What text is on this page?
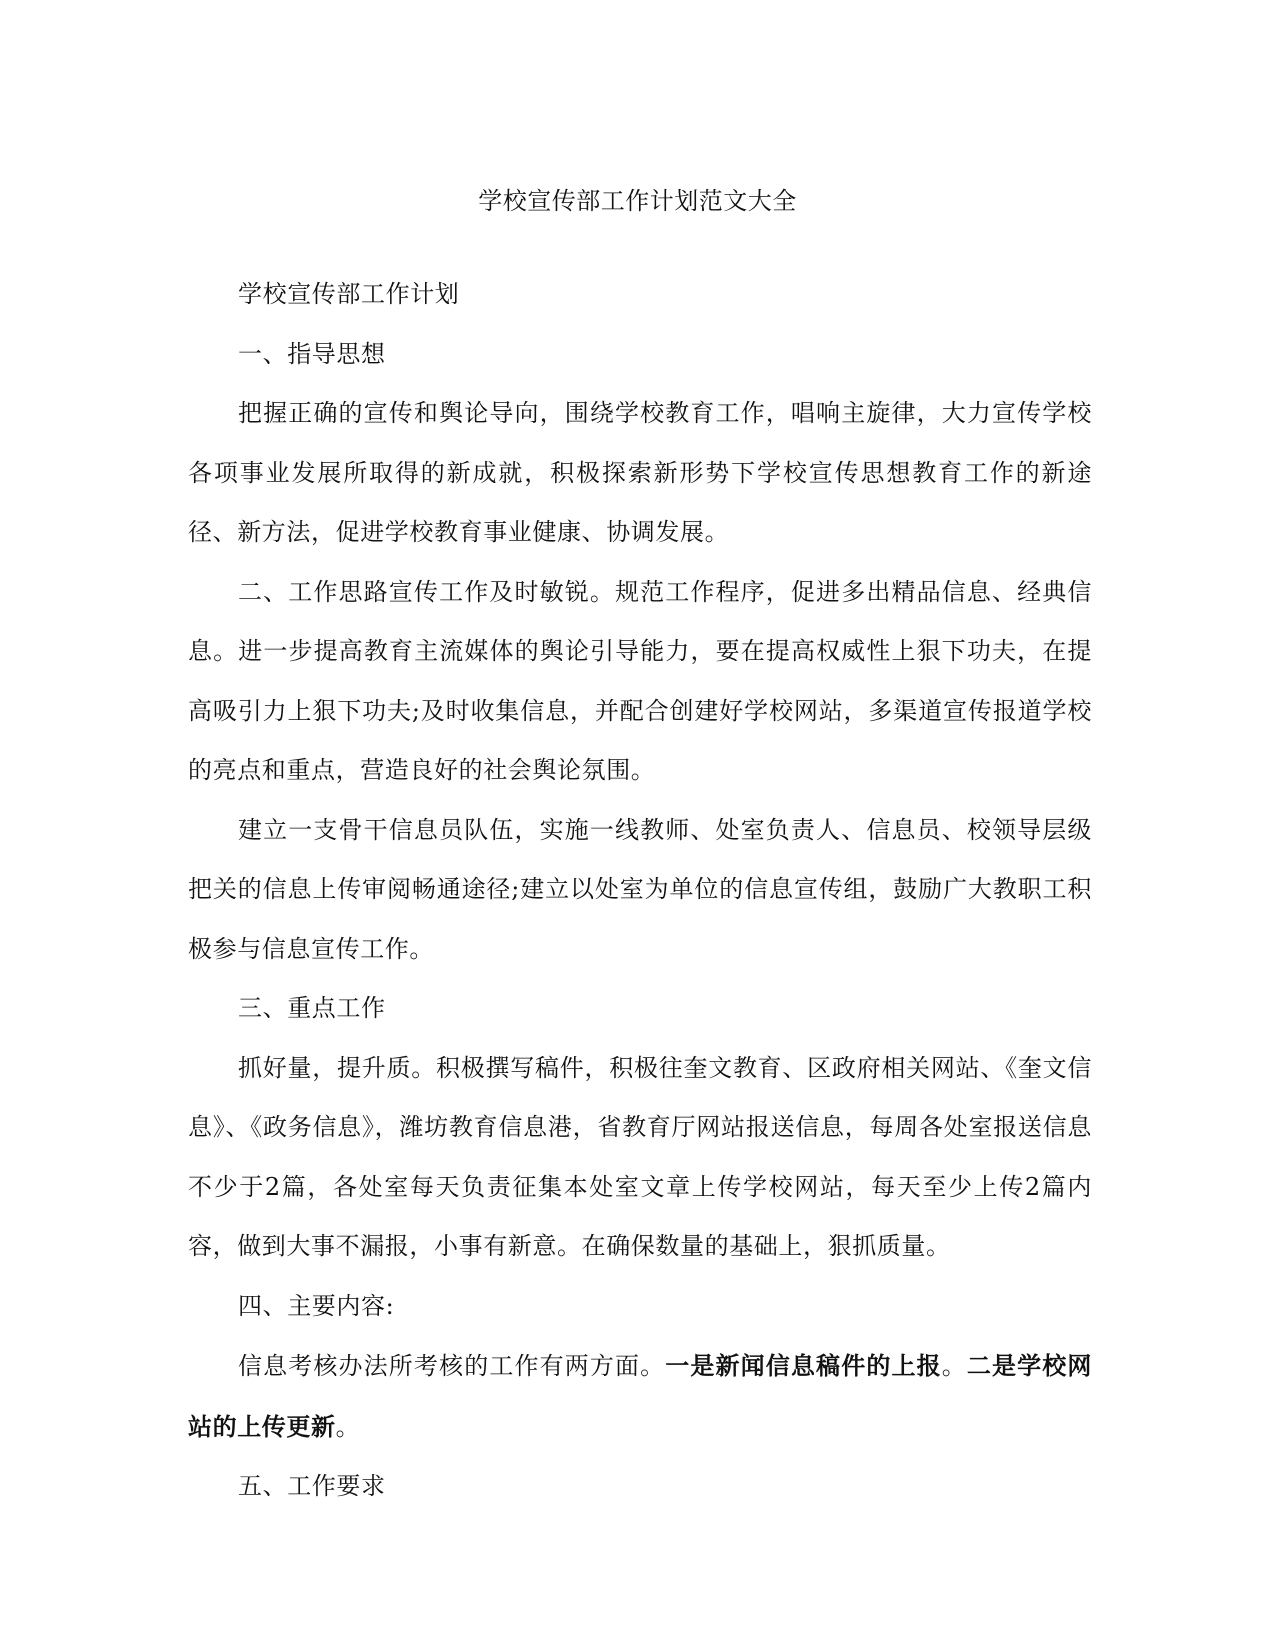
学校宣传部工作计划范文大全

学校宣传部工作计划

一、指导思想

把握正确的宣传和舆论导向，围绕学校教育工作，唱响主旋律，大力宣传学校各项事业发展所取得的新成就，积极探索新形势下学校宣传思想教育工作的新途径、新方法，促进学校教育事业健康、协调发展。

二、工作思路宣传工作及时敏锐。规范工作程序，促进多出精品信息、经典信息。进一步提高教育主流媒体的舆论引导能力，要在提高权威性上狠下功夫，在提高吸引力上狠下功夫;及时收集信息，并配合创建好学校网站，多渠道宣传报道学校的亮点和重点，营造良好的社会舆论氛围。

建立一支骨干信息员队伍，实施一线教师、处室负责人、信息员、校领导层级把关的信息上传审阅畅通途径;建立以处室为单位的信息宣传组，鼓励广大教职工积极参与信息宣传工作。

三、重点工作

抓好量，提升质。积极撰写稿件，积极往奎文教育、区政府相关网站、《奎文信息》、《政务信息》，潍坊教育信息港，省教育厅网站报送信息，每周各处室报送信息不少于2篇，各处室每天负责征集本处室文章上传学校网站，每天至少上传2篇内容，做到大事不漏报，小事有新意。在确保数量的基础上，狠抓质量。

四、主要内容:

信息考核办法所考核的工作有两方面。一是新闻信息稿件的上报。二是学校网站的上传更新。

五、工作要求
